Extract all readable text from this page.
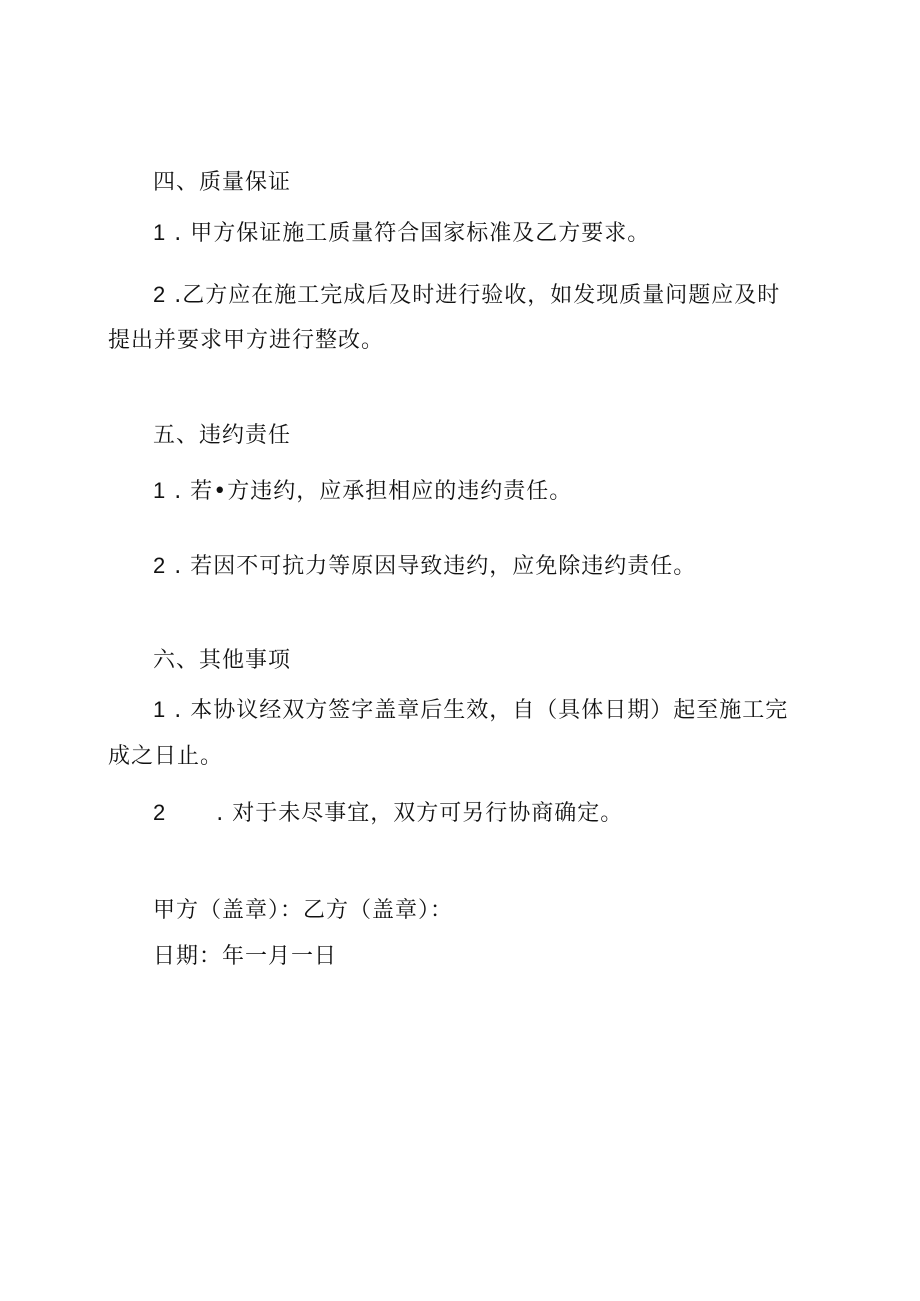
四、质量保证
1 . 甲方保证施工质量符合国家标准及乙方要求。
2 .乙方应在施工完成后及时进行验收，如发现质量问题应及时
提出并要求甲方进行整改。
五、违约责任
1 . 若•方违约，应承担相应的违约责任。
2 . 若因不可抗力等原因导致违约，应免除违约责任。
六、其他事项
1 . 本协议经双方签字盖章后生效，自（具体日期）起至施工完
成之日止。
2 . 对于未尽事宜，双方可另行协商确定。
甲方（盖章）：乙方（盖章）：
日期：年一月一日
